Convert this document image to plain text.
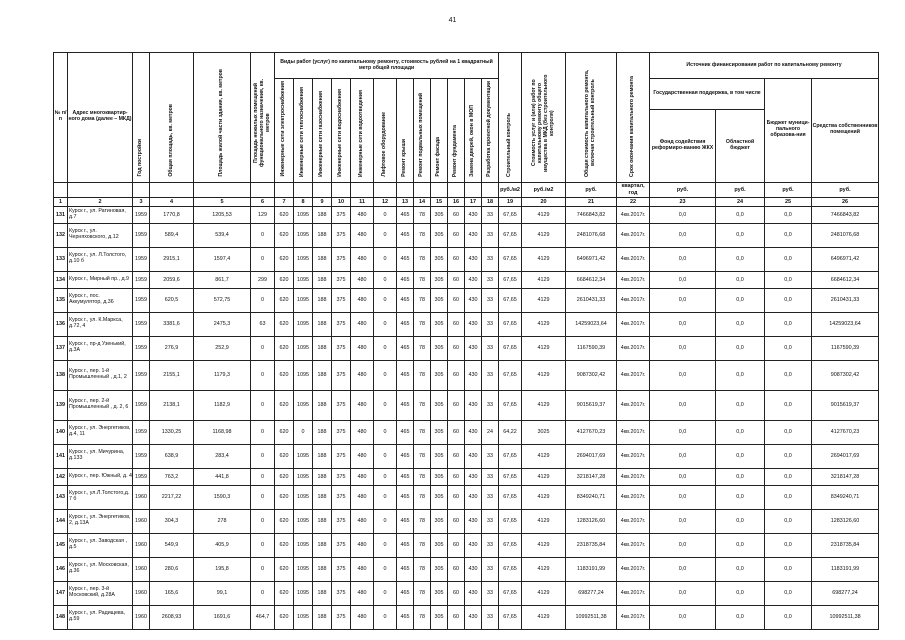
41
№ п/п	Адрес многоквартир-ного дома (далее – МКД)	Год постройки	Общая площадь, кв. метров	Площадь жилой части здания, кв. метров	Площадь нежилых помещений функционального назначения, кв. метров	Виды работ (услуг) по капитальному ремонту, стоимость рублей на 1 квадратный метр общей площади												Строительный контроль	Стоимость услуг и (или) работ по капитальному ремонту общего имущества в МКД (без строительного контроля)	Общая стоимость капитального ремонта, включая строительный контроль	Срок окончания капитального ремонта	Источник финансирования работ по капитальному ремонту			
						Инженерные сети электроснабжения	Инженерные сети теплоснабжения	Инженерные сети газоснабжения	Инженерные сети водоснабжения	Инженерные сети водоотведения	Лифтовое оборудование	Ремонт крыши	Ремонт подвальных помещений	Ремонт фасада	Ремонт фундамента	Замена дверей, окон в МОП	Разработка проектной документации					Государственная поддержка, в том числе		Бюджет муници-пального образова-ния	Средства собственников помещений
																						Фонд содействия реформиро-ванию ЖКХ	Областной бюджет		
																		руб./м2	руб./м2	руб.	квартал, год	руб.	руб.	руб.	руб.
1	2	3	4	5	6	7	8	9	10	11	12	13	14	15	16	17	18	19	20	21	22	23	24	25	26
131	Курск г., ул. Ратиновая, д.7	1959	1770,8	1205,53	129	620	1095	188	375	480	0	465	78	305	60	430	33	67,65	4129	7466843,82	4кв.2017г.	0,0	0,0	0,0	7466843,82
132	Курск г., ул. Черняховского, д.12	1959	589,4	539,4	0	620	1095	188	375	480	0	465	78	305	60	430	33	67,65	4129	2481076,68	4кв.2017г.	0,0	0,0	0,0	2481076,68
133	Курск г., ул. Л.Толстого, д.10 б	1959	2915,1	1597,4	0	620	1095	188	375	480	0	465	78	305	60	430	33	67,65	4129	6496971,42	4кв.2017г.	0,0	0,0	0,0	6496971,42
134	Курск г., Мирный пр., д.9	1959	2059,6	861,7	299	620	1095	188	375	480	0	465	78	305	60	430	33	67,65	4129	6684612,34	4кв.2017г.	0,0	0,0	0,0	6684612,34
135	Курск г., пос. Аккумулятор, д.36	1959	620,5	572,75	0	620	1095	188	375	480	0	465	78	305	60	430	33	67,65	4129	2610431,33	4кв.2017г.	0,0	0,0	0,0	2610431,33
136	Курск г., ул. К.Маркса, д.72, 4	1959	3381,6	2475,3	63	620	1095	188	375	480	0	465	78	305	60	430	33	67,65	4129	14259023,64	4кв.2017г.	0,0	0,0	0,0	14259023,64
137	Курск г., пр-д Узенький, д.3А	1959	276,9	252,9	0	620	1095	188	375	480	0	465	78	305	60	430	33	67,65	4129	1167590,39	4кв.2017г.	0,0	0,0	0,0	1167590,39
138	Курск г., пер. 1-й Промышленный , д.1, 2	1959	2155,1	1179,3	0	620	1095	188	375	480	0	465	78	305	60	430	33	67,65	4129	9087302,42	4кв.2017г.	0,0	0,0	0,0	9087302,42
139	Курск г., пер. 2-й Промышленный , д. 2, 6	1959	2138,1	1182,9	0	620	1095	188	375	480	0	465	78	305	60	430	33	67,65	4129	9015619,37	4кв.2017г.	0,0	0,0	0,0	9015619,37
140	Курск г., ул. Энергетиков, д.4, 11	1959	1330,25	1168,98	0	620	0	188	375	480	0	465	78	305	60	430	24	64,22	3025	4127670,23	4кв.2017г.	0,0	0,0	0,0	4127670,23
141	Курск г., ул. Мичурина, д.133	1959	638,9	283,4	0	620	1095	188	375	480	0	465	78	305	60	430	33	67,65	4129	2694017,69	4кв.2017г.	0,0	0,0	0,0	2694017,69
142	Курск г., пер. Южный, д. 4	1959	763,2	441,8	0	620	1095	188	375	480	0	465	78	305	60	430	33	67,65	4129	3218147,28	4кв.2017г.	0,0	0,0	0,0	3218147,28
143	Курск г., ул.Л.Толстого,д. 7 б	1960	2217,22	1590,3	0	620	1095	188	375	480	0	465	78	305	60	430	33	67,65	4129	8349240,71	4кв.2017г.	0,0	0,0	0,0	8349240,71
144	Курск г., ул. Энергетиков, 2, д.13А	1960	304,3	278	0	620	1095	188	375	480	0	465	78	305	60	430	33	67,65	4129	1283126,60	4кв.2017г.	0,0	0,0	0,0	1283126,60
145	Курск г., ул. Заводская , д.5	1960	549,9	405,9	0	620	1095	188	375	480	0	465	78	305	60	430	33	67,65	4129	2318735,84	4кв.2017г.	0,0	0,0	0,0	2318735,84
146	Курск г., ул. Московская, д.36	1960	280,6	195,8	0	620	1095	188	375	480	0	465	78	305	60	430	33	67,65	4129	1183191,99	4кв.2017г.	0,0	0,0	0,0	1183191,99
147	Курск г., пер. 3-й Московский, д.28А	1960	165,6	99,1	0	620	1095	188	375	480	0	465	78	305	60	430	33	67,65	4129	698277,24	4кв.2017г.	0,0	0,0	0,0	698277,24
148	Курск г., ул. Радищева, д.59	1960	2608,93	1691,6	464,7	620	1095	188	375	480	0	465	78	305	60	430	33	67,65	4129	10992511,38	4кв.2017г.	0,0	0,0	0,0	10992511,38
